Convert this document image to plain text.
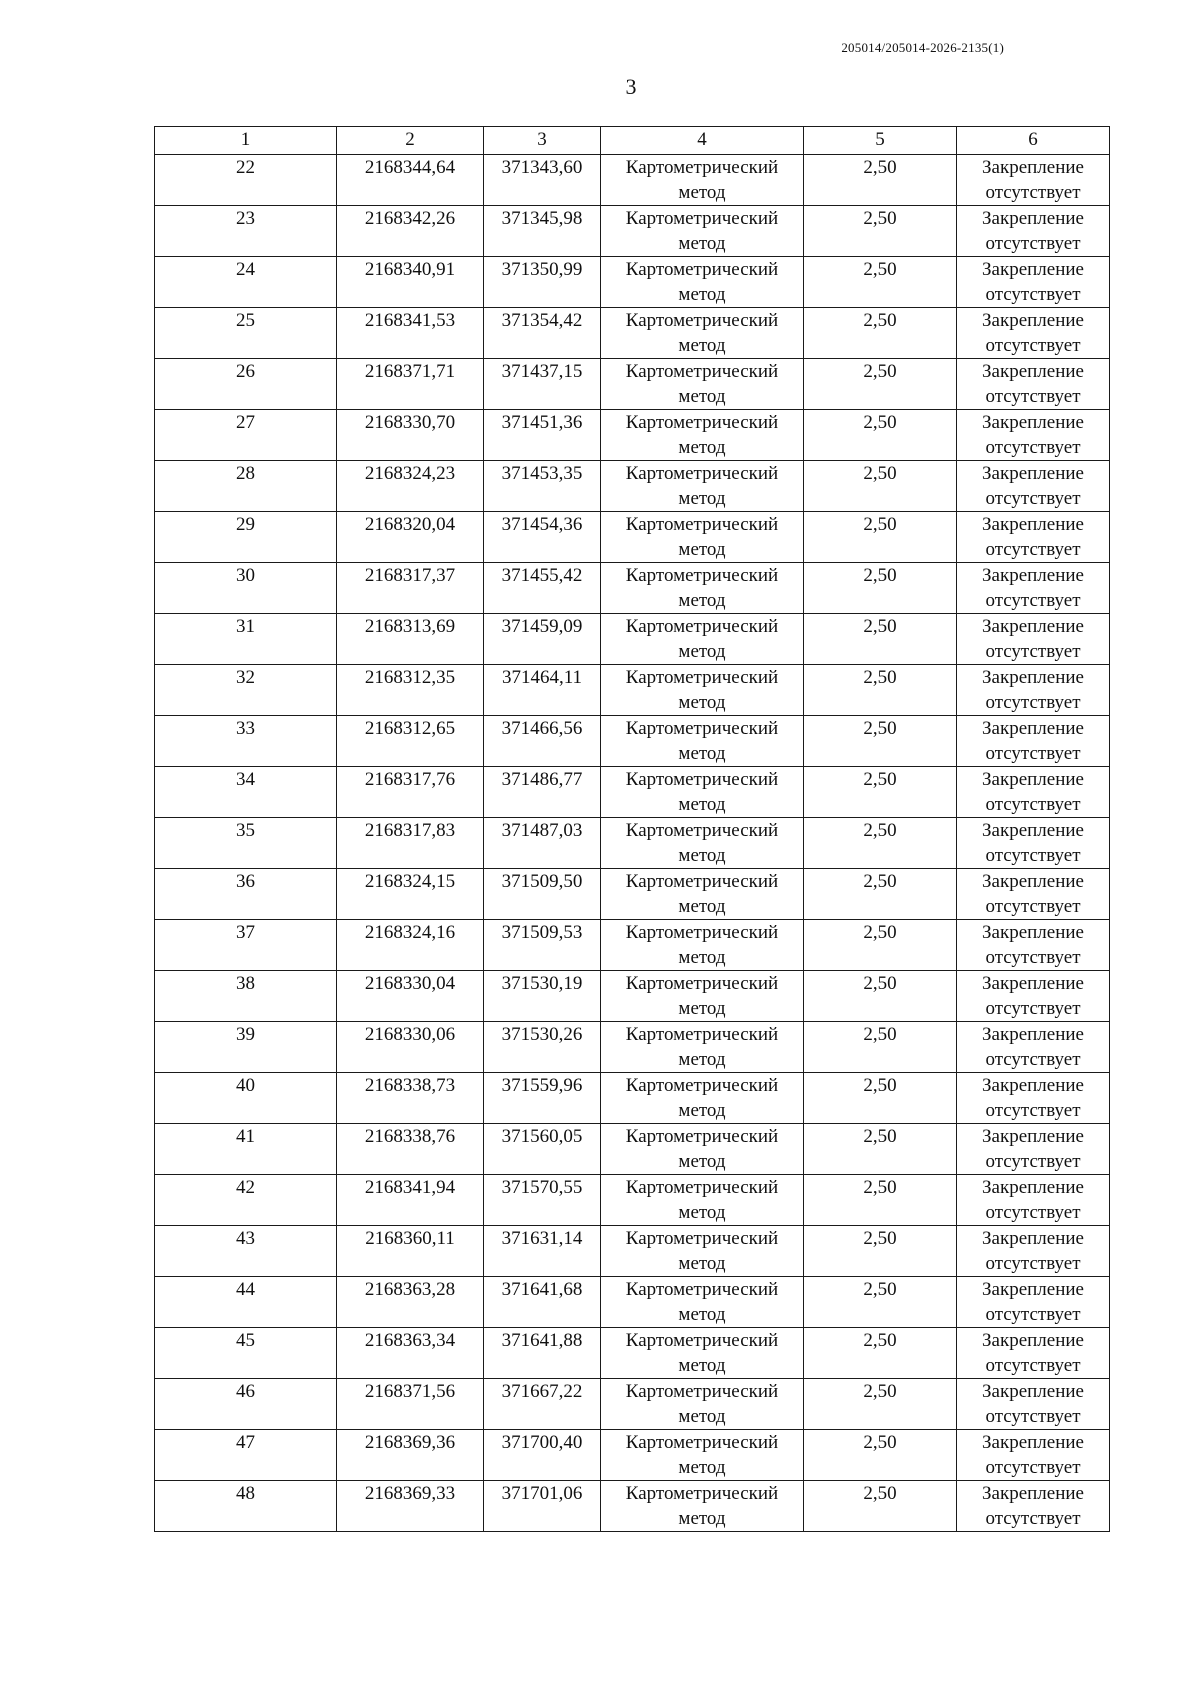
205014/205014-2026-2135(1)
3
1	2	3	4	5	6
22	2168344,64	371343,60	Картометрический метод	2,50	Закрепление отсутствует
23	2168342,26	371345,98	Картометрический метод	2,50	Закрепление отсутствует
24	2168340,91	371350,99	Картометрический метод	2,50	Закрепление отсутствует
25	2168341,53	371354,42	Картометрический метод	2,50	Закрепление отсутствует
26	2168371,71	371437,15	Картометрический метод	2,50	Закрепление отсутствует
27	2168330,70	371451,36	Картометрический метод	2,50	Закрепление отсутствует
28	2168324,23	371453,35	Картометрический метод	2,50	Закрепление отсутствует
29	2168320,04	371454,36	Картометрический метод	2,50	Закрепление отсутствует
30	2168317,37	371455,42	Картометрический метод	2,50	Закрепление отсутствует
31	2168313,69	371459,09	Картометрический метод	2,50	Закрепление отсутствует
32	2168312,35	371464,11	Картометрический метод	2,50	Закрепление отсутствует
33	2168312,65	371466,56	Картометрический метод	2,50	Закрепление отсутствует
34	2168317,76	371486,77	Картометрический метод	2,50	Закрепление отсутствует
35	2168317,83	371487,03	Картометрический метод	2,50	Закрепление отсутствует
36	2168324,15	371509,50	Картометрический метод	2,50	Закрепление отсутствует
37	2168324,16	371509,53	Картометрический метод	2,50	Закрепление отсутствует
38	2168330,04	371530,19	Картометрический метод	2,50	Закрепление отсутствует
39	2168330,06	371530,26	Картометрический метод	2,50	Закрепление отсутствует
40	2168338,73	371559,96	Картометрический метод	2,50	Закрепление отсутствует
41	2168338,76	371560,05	Картометрический метод	2,50	Закрепление отсутствует
42	2168341,94	371570,55	Картометрический метод	2,50	Закрепление отсутствует
43	2168360,11	371631,14	Картометрический метод	2,50	Закрепление отсутствует
44	2168363,28	371641,68	Картометрический метод	2,50	Закрепление отсутствует
45	2168363,34	371641,88	Картометрический метод	2,50	Закрепление отсутствует
46	2168371,56	371667,22	Картометрический метод	2,50	Закрепление отсутствует
47	2168369,36	371700,40	Картометрический метод	2,50	Закрепление отсутствует
48	2168369,33	371701,06	Картометрический метод	2,50	Закрепление отсутствует
